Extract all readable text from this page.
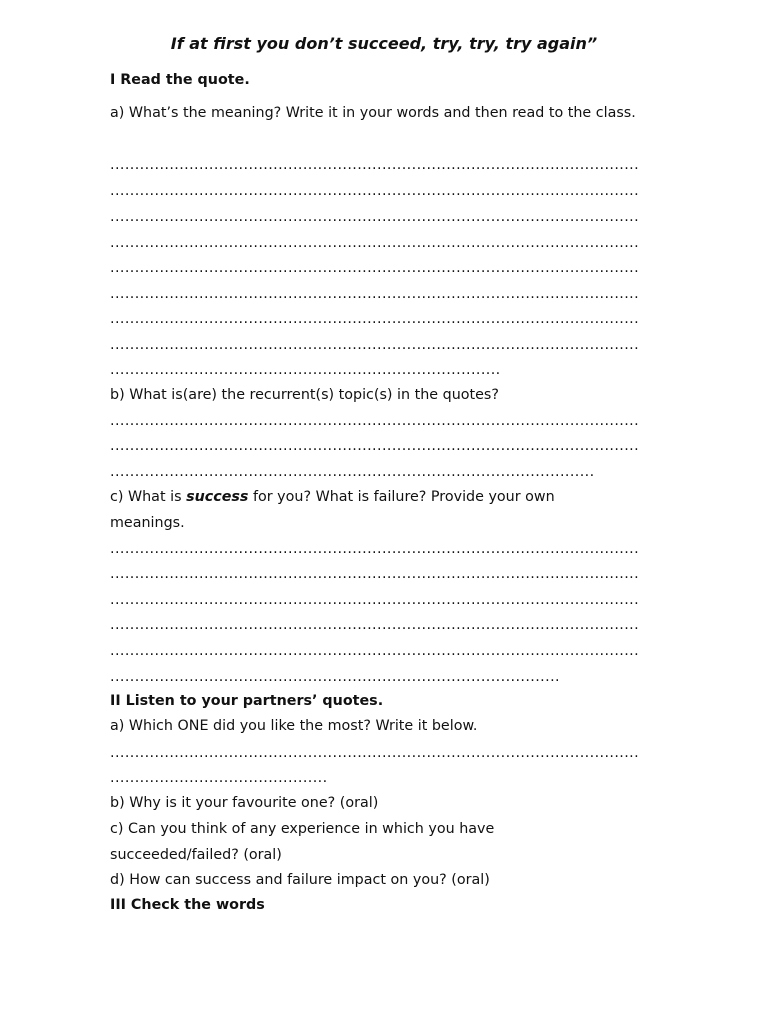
If at first you don’t succeed, try, try, try again”
I Read the quote.
a) What’s the meaning? Write it in your words and then read to the class.
...........................................................................................................
...........................................................................................................
...........................................................................................................
...........................................................................................................
...........................................................................................................
...........................................................................................................
...........................................................................................................
...........................................................................................................
...............................................................................
b) What is(are) the recurrent(s) topic(s) in the quotes?
...........................................................................................................
...........................................................................................................
..................................................................................................
c) What is success for you? What is failure? Provide your own
meanings.
...........................................................................................................
...........................................................................................................
...........................................................................................................
...........................................................................................................
...........................................................................................................
...........................................................................................
II Listen to your partners’ quotes.
a) Which ONE did you like the most? Write it below.
...........................................................................................................
............................................
b) Why is it your favourite one? (oral)
c) Can you think of any experience in which you have
succeeded/failed? (oral)
d) How can success and failure impact on you? (oral)
III Check the words
